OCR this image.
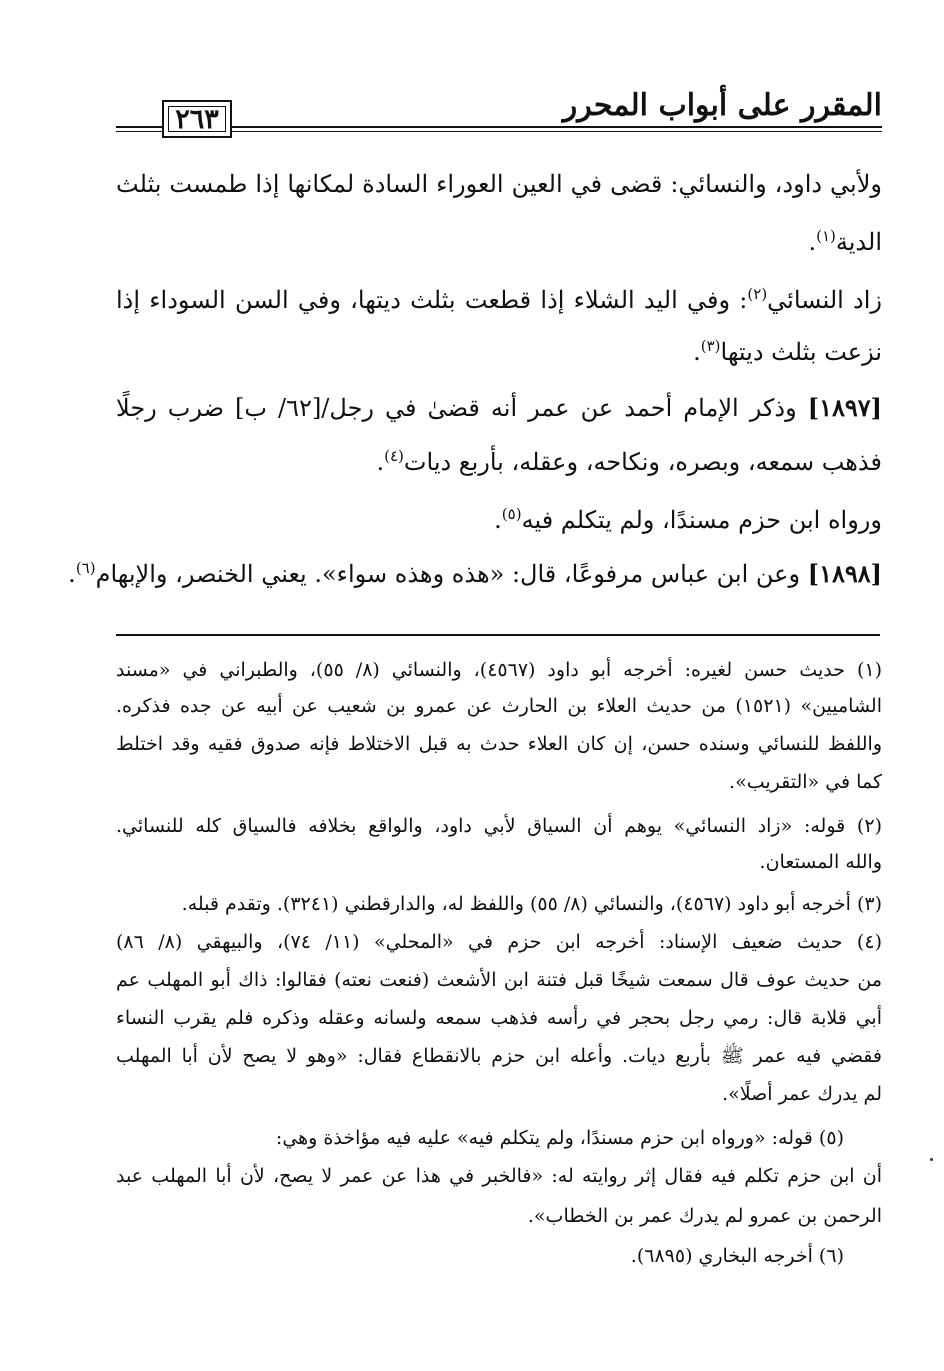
المقرر على أبواب المحرر
٢٦٣
ولأبي داود، والنسائي: قضى في العين العوراء السادة لمكانها إذا طمست بثلث
الدية$^{(١)}$.
زاد النسائي$^{(٢)}$: وفي اليد الشلاء إذا قطعت بثلث ديتها، وفي السن السوداء إذا
نزعت بثلث ديتها$^{(٣)}$.
[١٨٩٧] وذكر الإمام أحمد عن عمر أنه قضىٰ في رجل/[٦٢/ ب] ضرب رجلًا
فذهب سمعه، وبصره، ونكاحه، وعقله، بأربع ديات$^{(٤)}$.
ورواه ابن حزم مسندًا، ولم يتكلم فيه$^{(٥)}$.
[١٨٩٨] وعن ابن عباس مرفوعًا، قال: «هذه وهذه سواء». يعني الخنصر، والإبهام$^{(٦)}$.
(١) حديث حسن لغيره: أخرجه أبو داود (٤٥٦٧)، والنسائي (٨/ ٥٥)، والطبراني في «مسند
الشاميين» (١٥٢١) من حديث العلاء بن الحارث عن عمرو بن شعيب عن أبيه عن جده فذكره.
واللفظ للنسائي وسنده حسن، إن كان العلاء حدث به قبل الاختلاط فإنه صدوق فقيه وقد اختلط
كما في «التقريب».
(٢) قوله: «زاد النسائي» يوهم أن السياق لأبي داود، والواقع بخلافه فالسياق كله للنسائي.
والله المستعان.
(٣) أخرجه أبو داود (٤٥٦٧)، والنسائي (٨/ ٥٥) واللفظ له، والدارقطني (٣٢٤١). وتقدم قبله.
(٤) حديث ضعيف الإسناد: أخرجه ابن حزم في «المحلي» (١١/ ٧٤)، والبيهقي (٨/ ٨٦)
من حديث عوف قال سمعت شيخًا قبل فتنة ابن الأشعث (فنعت نعته) فقالوا: ذاك أبو المهلب عم
أبي قلابة قال: رمي رجل بحجر في رأسه فذهب سمعه ولسانه وعقله وذكره فلم يقرب النساء
فقضي فيه عمر ﷺ بأربع ديات. وأعله ابن حزم بالانقطاع فقال: «وهو لا يصح لأن أبا المهلب
لم يدرك عمر أصلًا».
(٥) قوله: «ورواه ابن حزم مسندًا، ولم يتكلم فيه» عليه فيه مؤاخذة وهي:
أن ابن حزم تكلم فيه فقال إثر روايته له: «فالخبر في هذا عن عمر لا يصح، لأن أبا المهلب عبد
الرحمن بن عمرو لم يدرك عمر بن الخطاب».
(٦) أخرجه البخاري (٦٨٩٥).
